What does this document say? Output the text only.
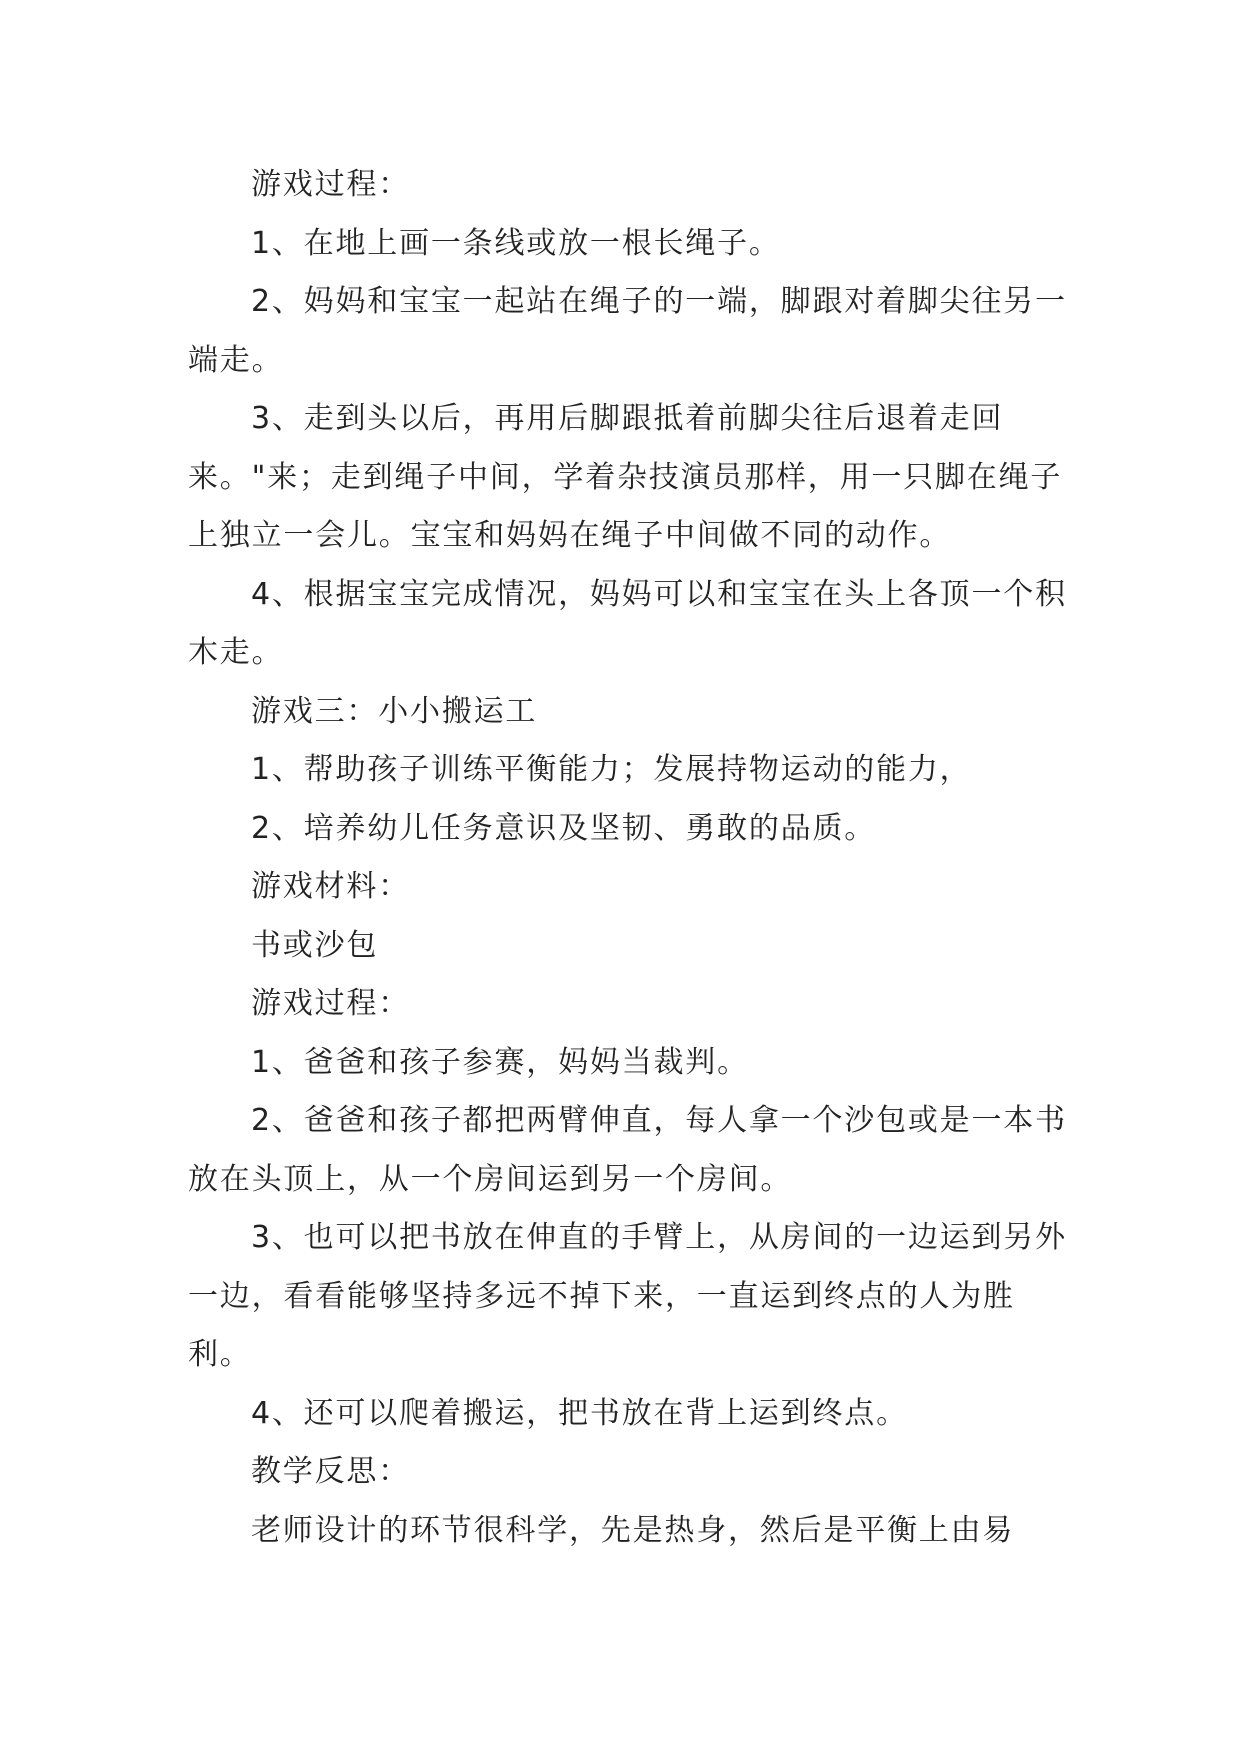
游戏过程：

1、在地上画一条线或放一根长绳子。

2、妈妈和宝宝一起站在绳子的一端，脚跟对着脚尖往另一端走。

3、走到头以后，再用后脚跟抵着前脚尖往后退着走回来。"来；走到绳子中间，学着杂技演员那样，用一只脚在绳子上独立一会儿。宝宝和妈妈在绳子中间做不同的动作。

4、根据宝宝完成情况，妈妈可以和宝宝在头上各顶一个积木走。

游戏三：小小搬运工

1、帮助孩子训练平衡能力；发展持物运动的能力，

2、培养幼儿任务意识及坚韧、勇敢的品质。

游戏材料：

书或沙包

游戏过程：

1、爸爸和孩子参赛，妈妈当裁判。

2、爸爸和孩子都把两臂伸直，每人拿一个沙包或是一本书放在头顶上，从一个房间运到另一个房间。

3、也可以把书放在伸直的手臂上，从房间的一边运到另外一边，看看能够坚持多远不掉下来，一直运到终点的人为胜利。

4、还可以爬着搬运，把书放在背上运到终点。

教学反思：

老师设计的环节很科学，先是热身，然后是平衡上由易
